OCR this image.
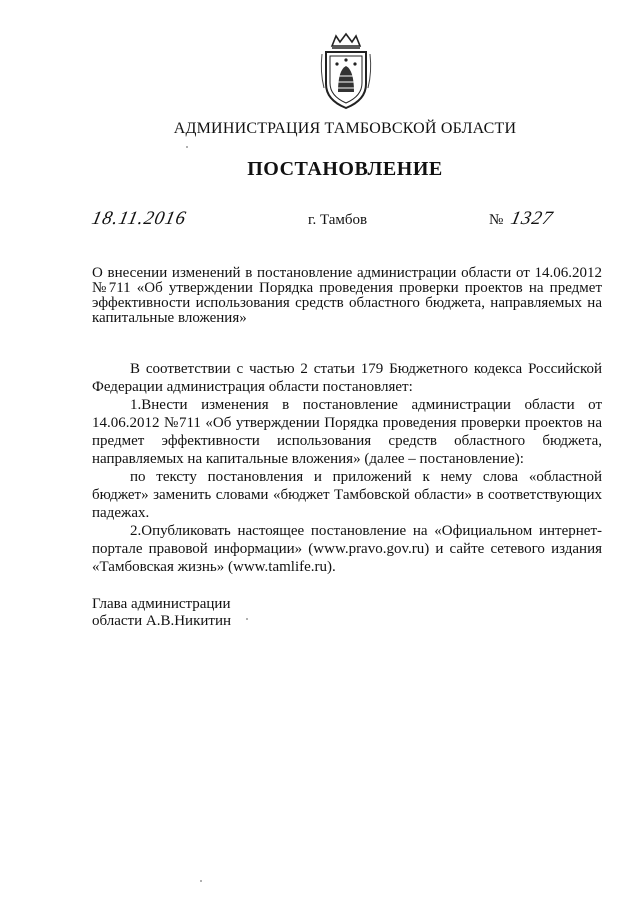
АДМИНИСТРАЦИЯ ТАМБОВСКОЙ ОБЛАСТИ
ПОСТАНОВЛЕНИЕ
18.11.2016	г. Тамбов	№ 1327
О внесении изменений в постановление администрации области от 14.06.2012 №711 «Об утверждении Порядка проведения проверки проектов на предмет эффективности использования средств областного бюджета, направляемых на капитальные вложения»

В соответствии с частью 2 статьи 179 Бюджетного кодекса Российской Федерации администрация области постановляет:

1.Внести изменения в постановление администрации области от 14.06.2012 №711 «Об утверждении Порядка проведения проверки проектов на предмет эффективности использования средств областного бюджета, направляемых на капитальные вложения» (далее – постановление):

по тексту постановления и приложений к нему слова «областной бюджет» заменить словами «бюджет Тамбовской области» в соответствующих падежах.

2.Опубликовать настоящее постановление на «Официальном интернет-портале правовой информации» (www.pravo.gov.ru) и сайте сетевого издания «Тамбовская жизнь» (www.tamlife.ru).

Глава администрации
области А.В.Никитин
